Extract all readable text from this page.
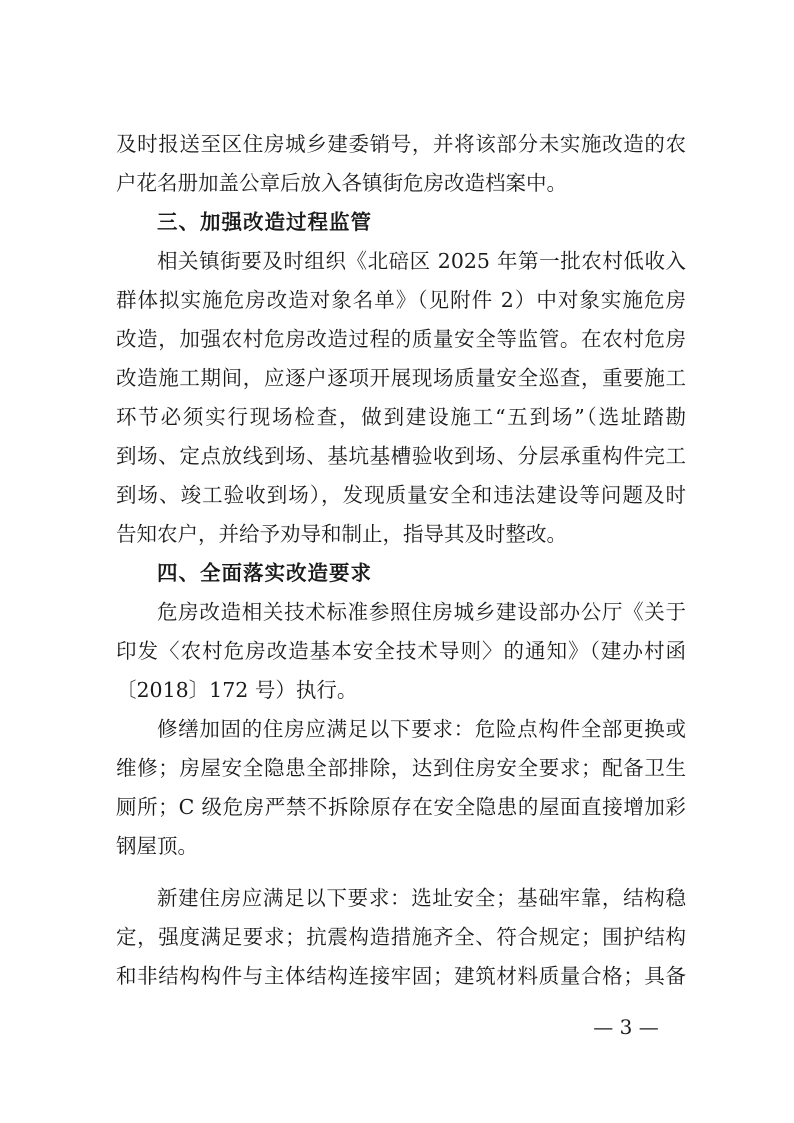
及时报送至区住房城乡建委销号，并将该部分未实施改造的农
户花名册加盖公章后放入各镇街危房改造档案中。
三、加强改造过程监管
相关镇街要及时组织《北碚区 2025 年第一批农村低收入
群体拟实施危房改造对象名单》（见附件 2）中对象实施危房
改造，加强农村危房改造过程的质量安全等监管。在农村危房
改造施工期间，应逐户逐项开展现场质量安全巡查，重要施工
环节必须实行现场检查，做到建设施工“五到场”（选址踏勘
到场、定点放线到场、基坑基槽验收到场、分层承重构件完工
到场、竣工验收到场），发现质量安全和违法建设等问题及时
告知农户，并给予劝导和制止，指导其及时整改。
四、全面落实改造要求
危房改造相关技术标准参照住房城乡建设部办公厅《关于
印发〈农村危房改造基本安全技术导则〉的通知》（建办村函
〔2018〕172 号）执行。
修缮加固的住房应满足以下要求：危险点构件全部更换或
维修；房屋安全隐患全部排除，达到住房安全要求；配备卫生
厕所；C 级危房严禁不拆除原存在安全隐患的屋面直接增加彩
钢屋顶。
新建住房应满足以下要求：选址安全；基础牢靠，结构稳
定，强度满足要求；抗震构造措施齐全、符合规定；围护结构
和非结构构件与主体结构连接牢固；建筑材料质量合格；具备
— 3 —
